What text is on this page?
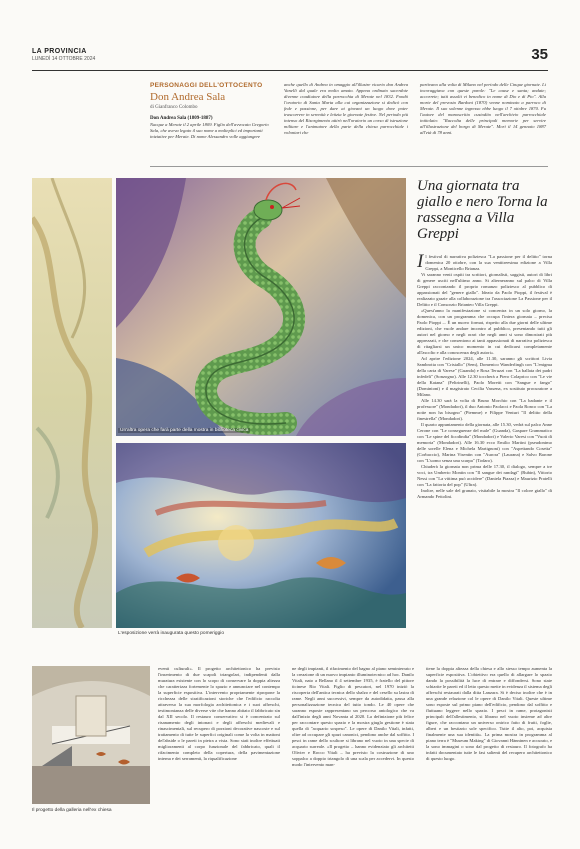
LA PROVINCIA
LUNEDÌ 14 OTTOBRE 2024	35
PERSONAGGI DELL'OTTOCENTO
Don Andrea Sala
di Gianfranco Colombo
Don Andrea Sala (1809-1887)
Nacque a Merate il 2 aprile 1809. Figlio dell'avvocato Gregorio Sala, che aveva legato il suo nome a molteplici ed importanti iniziative per Merate. Di nome Alessandro volle aggiungere
anche quello di Andrea in omaggio all'illustre vicario don Andrea Vanelli dal quale era molto amato. Appena ordinato sacerdote divenne coadiutore della parrocchia di Merate nel 1832. Fondò l'oratorio di Santa Marta alla cui organizzazione si dedicò con fede e passione, per dare ai giovani un luogo dove poter trascorrere in serenità e letizia le giornate festive. Nel periodo più intenso del Risorgimento attirò nell'oratorio un corso di istruzione militare e l'animatore della parte della chiesa parrocchiale i volontari che
partivano alla volta di Milano nel periodo delle Cinque giornate. Li incoraggiava con queste parole: "Le cause e santa; andate; accorrete; tutti assolti vi benedico in nome di Dio e di Pio". Alla morte del prevosto Bardoni (1870) venne nominato a parroco di Merate. Il suo solenne ingresso ebbe luogo il 7 ottobre 1870. Fu l'autore del manoscritto custodito nell'archivio parrocchiale intitolato: "Raccolta delle principali memorie per servire all'illustrazione del borgo di Merate". Morì il 14 gennaio 1887 all'età di 78 anni.
Un'altra opera che farà parte della mostra in biblioteca civica
L'esposizione verrà inaugurata questo pomeriggio
Una giornata tra giallo e nero Torna la rassegna a Villa Greppi

Il festival di narrativa poliziesca "La passione per il delitto" torna domenica 20 ottobre, con la sua ventitreesima edizione a Villa Greppi, a Monticello Brianza.

Vi saranno venti ospiti tra scrittori, giornalisti, saggisti, autori di libri di genere usciti nell'ultimo anno. Si alterneranno sul palco di Villa Greppi raccontando il proprio romanzo poliziesco al pubblico di appassionati del "genere giallo". Ideato da Paolo Pioppi, il festival è realizzato grazie alla collaborazione tra l'associazione La Passione per il Delitto e il Consorzio Brianteo Villa Greppi.

«Quest'anno la manifestazione si concentra in un solo giorno, la domenica, con un programma che occupa l'intera giornata – precisa Paolo Pioppi –. È un nuovo format, rispetto alla due giorni delle ultime edizioni, che vuole andare incontro al pubblico, presentando tutti gli autori nel giorno e negli orari che negli anni si sono dimostrati più apprezzati, e che consentono ai tanti appassionati di narrativa poliziesca di ritagliarsi un unico momento in cui dedicarsi completamente all'ascolto e alla conoscenza degli autori».

Ad aprire l'edizione 2024, alle 11.30, saranno gli scrittori Livia Sambrotta con "Cristallo" (Sem), Domenico Wanderlingh con "L'enigma della carta di Varese" (Guanda) e Rosa Teruzzi con "La ballata dei padri infedeli" (Sonzogno). Alle 12.30 toccherà a Piero Colaprico con "Le vie della Katana" (Feltrinelli), Paolo Moretti con "Sangue e fango" (Dominioni) e il magistrato Cecilia Vassena, ex sostituto procuratore a Milano.

Alle 14.30 sarà la volta di Bruno Morchio con "La badante e il professore" (Mondadori), il duo Antonio Paolacci e Paola Ronco con "La notte non ha bisogno" (Piemme) e Filippe Venturi "Il delitto della finestrella" (Mondadori).

Il quarto appuntamento della giornata, alle 15.30, vedrà sul palco Anne Cerone con "Le conseguenze del male" (Guanda), Gaspare Grammatico con "Le spine del ficodindia" (Mondadori) e Valerio Varesi con "Vuoti di memoria" (Mondadori). Alle 16.30 ecco Emilio Martini (pseudonimo delle sorelle Elena e Michela Martignoni) con "Aspettando Cosetta" (Corbaccio), Marina Visentin con "Aurora" (Laurana) e Salvo Barone con "L'uomo senza una scarpa" (Todaro).

Chiuderà la giornata non prima delle 17.30, il dialogo, sempre a tre voci, tra Umberto Montin con "Il sangue dei randagi" (Rubin), Vittorio Nessi con "La vittima può accidere" (Daniela Piazza) e Maurizio Pratelli con "La fattoria del pop" (Ultra).

Inoltre, nelle sale del granaio, visitabile la mostra "Il colore giallo" di Armando Fettolini.

Il progetto della galleria nell'ex chiesa
eventi culturali». Il progetto architettonico ha previsto l'inserimento di due scapoli triangolari, indipendenti dalla muratura esistente con lo scopo di conservare la doppia altezza che caratterizza fortemente lo spazio e annunciare nel contempo la superficie espositiva. L'intervento propriamente ripropone la ricchezza delle stratificazioni storiche che l'edificio raccolta attraverso la sua morfologia architettonica e i suoi affreschi, testimonianza delle diverse vite che hanno abitato il fabbricato sin dal XII secolo. Il restauro conservativo si è concentrato sul risanamento degli intonaci e degli affreschi medievali e rinascimentali, sul recupero di porzioni decorative nascoste e sul trattamento di tutte le superfici originali come la volta in mattoni del'abside o le pareti in pietra a vista. Sono stati inoltre effettuati miglioramenti al corpo funzionale del fabbricato, quali il rifacimento completo della copertura, della pavimentazione interna e dei serramenti, la riqualificazione
ne degli impianti, il rifacimento del bagno al piano seminterrato e la creazione di un nuovo impianto illuminotecnico ad hoc. Danilo Vitali, nato a Bellano il 4 settembre 1935, è fratello del pittore ticinese Rio Vitali. Figlio di pescatori, nel 1970 iniziò la riscoperta dell'antica tecnica dello sbalzo e del cesello su lastra di rame. Negli anni successivi, sempre da autodidatta, passa alla personalizzazione tecnica del tutto tondo. Le 40 opere che saranno esposte rappresentano un percorso antologico che va dall'inizio degli anni Novanta al 2020. La definizione più felice per raccontare questo spazio e la mostra giugla gestione è stata quella di "acquario sospeso". Le opere di Danilo Vitali, infatti, oltre ad occupare gli spazi canonici, pendono anche dal soffitto. I pesci in rame dello scultore si librano nel vuoto in una specie di acquario surreale. «Il progetto – hanno evidenziato gli architetti Olivier e Rocco Vitali – ha previsto la costruzione di uno soppalco a doppio triangolo di una scala per accedervi. In questo modo l'intervento man-
tiene la doppia altezza della chiesa e allo stesso tempo aumenta la superficie espositiva. L'obiettivo era quello di allargare lo spazio dando la possibilità la luce di entrare e diffondersi. Sono state schiarite le pareti ed il letto questo mette in evidenza il sistema degli affreschi restaurati dalla ditta Lanzara. Si è deciso inoltre che è in una grande relazione col le opere di Danilo Vitali. Queste ultime sono esposte sul primo piano dell'edificio, pendono dal soffitto e fluttuano leggere nello spazio. I pesci in rame, protagonisti principali dell'allestimento, si librano nel vuoto insieme ad altre figure, che raccontano un universo onirico fatto di frutti, foglie, alberi e un bestiario sole specifico. Tutte il alto, poi, acquista finalmente una sua identità». La prima mostra in programma al piano terra è "Museum Making" di Giovanni Hänninen e accurato, e la sono immagini o sono dal progetto di restauro. Il fotografo ha infatti documentato tutte le fasi salienti del recupero architettonico di questo luogo.
